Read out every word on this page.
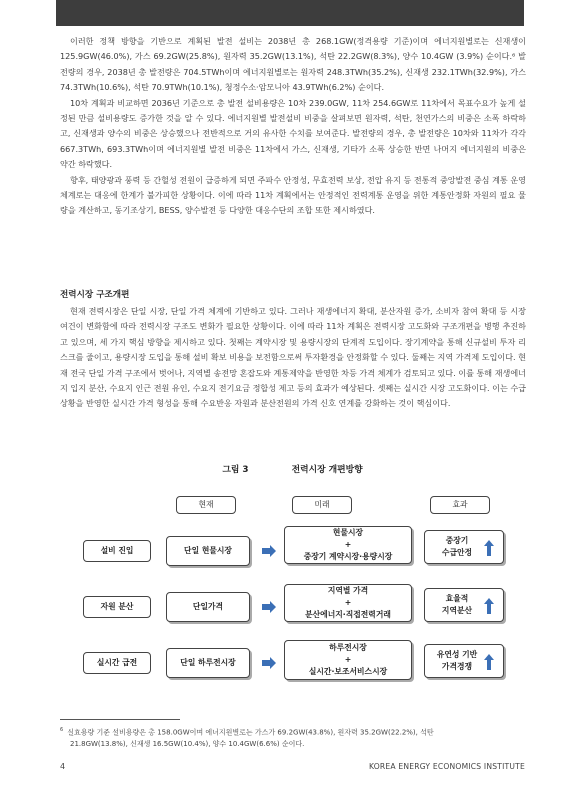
이러한 정책 방향을 기반으로 계획된 발전 설비는 2038년 총 268.1GW(정격용량 기준)이며 에너지원별로는 신재생이 125.9GW(46.0%), 가스 69.2GW(25.8%), 원자력 35.2GW(13.1%), 석탄 22.2GW(8.3%), 양수 10.4GW (3.9%) 순이다.⁶ 발전량의 경우, 2038년 총 발전량은 704.5TWh이며 에너지원별로는 원자력 248.3TWh(35.2%), 신재생 232.1TWh(32.9%), 가스 74.3TWh(10.6%), 석탄 70.9TWh(10.1%), 청정수소·암모니아 43.9TWh(6.2%) 순이다.

10차 계획과 비교하면 2036년 기준으로 총 발전 설비용량은 10차 239.0GW, 11차 254.6GW로 11차에서 목표수요가 높게 설정된 만큼 설비용량도 증가한 것을 알 수 있다. 에너지원별 발전설비 비중을 살펴보면 원자력, 석탄, 천연가스의 비중은 소폭 하락하고, 신재생과 양수의 비중은 상승했으나 전반적으로 거의 유사한 수치를 보여준다. 발전량의 경우, 총 발전량은 10차와 11차가 각각 667.3TWh, 693.3TWh이며 에너지원별 발전 비중은 11차에서 가스, 신재생, 기타가 소폭 상승한 반면 나머지 에너지원의 비중은 약간 하락했다.

향후, 태양광과 풍력 등 간헐성 전원이 급증하게 되면 주파수 안정성, 무효전력 보상, 전압 유지 등 전통적 중앙발전 중심 계통 운영체계로는 대응에 한계가 불가피한 상황이다. 이에 따라 11차 계획에서는 안정적인 전력계통 운영을 위한 계통안정화 자원의 필요 물량을 계산하고, 동기조상기, BESS, 양수발전 등 다양한 대응수단의 조합 또한 제시하였다.

전력시장 구조개편

현재 전력시장은 단일 시장, 단일 가격 체계에 기반하고 있다. 그러나 재생에너지 확대, 분산자원 증가, 소비자 참여 확대 등 시장 여건이 변화함에 따라 전력시장 구조도 변화가 필요한 상황이다. 이에 따라 11차 계획은 전력시장 고도화와 구조개편을 병행 추진하고 있으며, 세 가지 핵심 방향을 제시하고 있다. 첫째는 계약시장 및 용량시장의 단계적 도입이다. 장기계약을 통해 신규설비 투자 리스크를 줄이고, 용량시장 도입을 통해 설비 확보 비용을 보전함으로써 투자환경을 안정화할 수 있다. 둘째는 지역 가격제 도입이다. 현재 전국 단일 가격 구조에서 벗어나, 지역별 송전망 혼잡도와 계통제약을 반영한 차등 가격 체계가 검토되고 있다. 이를 통해 재생에너지 입지 분산, 수요지 인근 전원 유인, 수요지 전기요금 정합성 제고 등의 효과가 예상된다. 셋째는 실시간 시장 고도화이다. 이는 수급 상황을 반영한 실시간 가격 형성을 통해 수요반응 자원과 분산전원의 가격 신호 연계를 강화하는 것이 핵심이다.

그림 3	전력시장 개편방향
현재	미래	효과
설비 진입	단일 현물시장
현물시장
+
중장기 계약시장·용량시장
중장기
수급안정
자원 분산	단일가격
지역별 가격
+
분산에너지·직접전력거래
효율적
지역분산
실시간 급전	단일 하루전시장
하루전시장
+
실시간·보조서비스시장
유연성 기반
가격경쟁
$^6$ 실효용량 기준 설비용량은 총 158.0GW이며 에너지원별로는 가스가 69.2GW(43.8%), 원자력 35.2GW(22.2%), 석탄
21.8GW(13.8%), 신재생 16.5GW(10.4%), 양수 10.4GW(6.6%) 순이다.
4	KOREA ENERGY ECONOMICS INSTITUTE
